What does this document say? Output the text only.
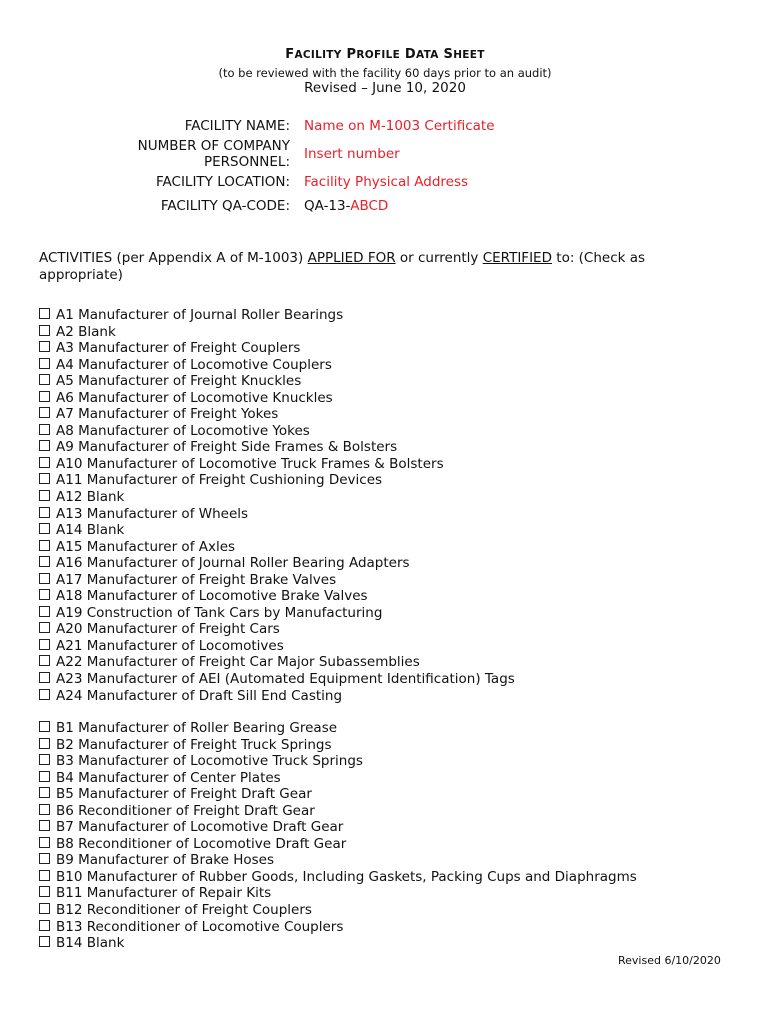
FACILITY PROFILE DATA SHEET
(to be reviewed with the facility 60 days prior to an audit)
Revised – June 10, 2020
FACILITY NAME:	Name on M-1003 Certificate
NUMBER OF COMPANY PERSONNEL:	Insert number
FACILITY LOCATION:	Facility Physical Address
FACILITY QA-CODE:	QA-13-ABCD
ACTIVITIES (per Appendix A of M-1003) APPLIED FOR or currently CERTIFIED to: (Check as appropriate)
A1 Manufacturer of Journal Roller Bearings
A2 Blank
A3 Manufacturer of Freight Couplers
A4 Manufacturer of Locomotive Couplers
A5 Manufacturer of Freight Knuckles
A6 Manufacturer of Locomotive Knuckles
A7 Manufacturer of Freight Yokes
A8 Manufacturer of Locomotive Yokes
A9 Manufacturer of Freight Side Frames & Bolsters
A10 Manufacturer of Locomotive Truck Frames & Bolsters
A11 Manufacturer of Freight Cushioning Devices
A12 Blank
A13 Manufacturer of Wheels
A14 Blank
A15 Manufacturer of Axles
A16 Manufacturer of Journal Roller Bearing Adapters
A17 Manufacturer of Freight Brake Valves
A18 Manufacturer of Locomotive Brake Valves
A19 Construction of Tank Cars by Manufacturing
A20 Manufacturer of Freight Cars
A21 Manufacturer of Locomotives
A22 Manufacturer of Freight Car Major Subassemblies
A23 Manufacturer of AEI (Automated Equipment Identification) Tags
A24 Manufacturer of Draft Sill End Casting
B1 Manufacturer of Roller Bearing Grease
B2 Manufacturer of Freight Truck Springs
B3 Manufacturer of Locomotive Truck Springs
B4 Manufacturer of Center Plates
B5 Manufacturer of Freight Draft Gear
B6 Reconditioner of Freight Draft Gear
B7 Manufacturer of Locomotive Draft Gear
B8 Reconditioner of Locomotive Draft Gear
B9 Manufacturer of Brake Hoses
B10 Manufacturer of Rubber Goods, Including Gaskets, Packing Cups and Diaphragms
B11 Manufacturer of Repair Kits
B12 Reconditioner of Freight Couplers
B13 Reconditioner of Locomotive Couplers
B14 Blank
Revised 6/10/2020
